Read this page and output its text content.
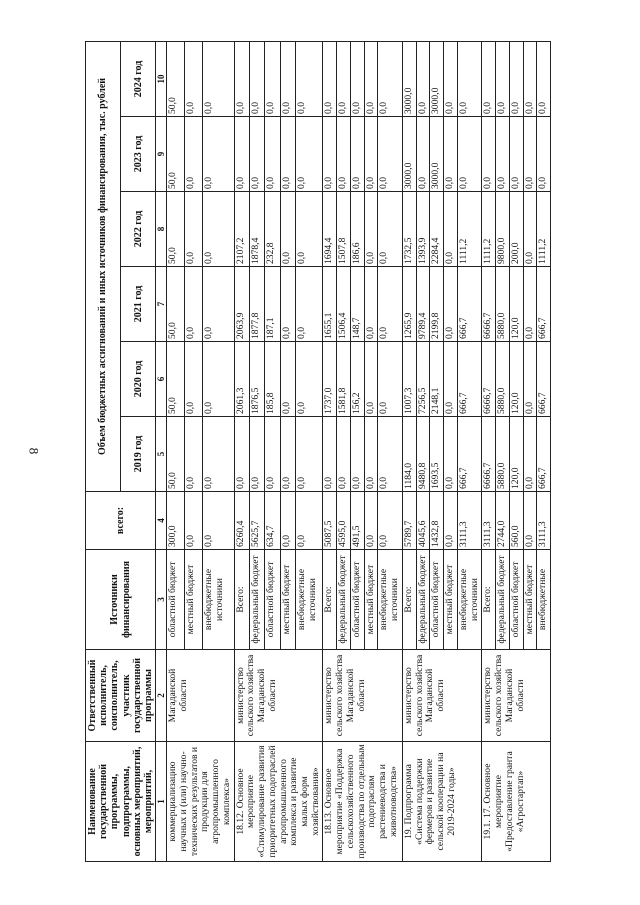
8
Наименование государственной программы, подпрограммы, основных мероприятий, мероприятий,	Ответственный исполнитель, соисполнитель, участник государственной программы	Источники финансирования	всего:	Объем бюджетных ассигнований и иных источников финансирования, тыс. рублей					
				2019 год	2020 год	2021 год	2022 год	2023 год	2024 год
1	2	3	4	5	6	7	8	9	10
коммерциализацию научных и (или) научно-технических результатов и продукции для агропромышленного комплекса»	Магаданской области	областной бюджет	300,0	50,0	50,0	50,0	50,0	50,0	50,0
		местный бюджет	0,0	0,0	0,0	0,0	0,0	0,0	0,0
		внебюджетные источники	0,0	0,0	0,0	0,0	0,0	0,0	0,0
18.12. Основное мероприятие «Стимулирование развития приоритетных подотраслей агропромышленного комплекса и развитие малых форм хозяйствования»	министерство сельского хозяйства Магаданской области	Всего:	6260,4	0,0	2061,3	2063,9	2107,2	0,0	0,0
		федеральный бюджет	5625,7	0,0	1876,5	1877,8	1878,4	0,0	0,0
		областной бюджет	634,7	0,0	185,8	187,1	232,8	0,0	0,0
		местный бюджет	0,0	0,0	0,0	0,0	0,0	0,0	0,0
		внебюджетные источники	0,0	0,0	0,0	0,0	0,0	0,0	0,0
18.13. Основное мероприятие «Поддержка сельскохозяйственного производства по отдельным подотраслям растениеводства и животноводства»	министерство сельского хозяйства Магаданской области	Всего:	5087,5	0,0	1737,0	1655,1	1694,4	0,0	0,0
		федеральный бюджет	4595,0	0,0	1581,8	1506,4	1507,8	0,0	0,0
		областной бюджет	491,5	0,0	156,2	148,7	186,6	0,0	0,0
		местный бюджет	0,0	0,0	0,0	0,0	0,0	0,0	0,0
		внебюджетные источники	0,0	0,0	0,0	0,0	0,0	0,0	0,0
19. Подпрограмма «Система поддержки фермеров и развитие сельской кооперации на 2019-2024 годы»	министерство сельского хозяйства Магаданской области	Всего:	5789,7	1184,0	1007,3	1265,9	1732,5	3000,0	3000,0
		федеральный бюджет	4045,6	9480,8	7256,5	9789,4	1393,9	0,0	0,0
		областной бюджет	1432,8	1693,5	2148,1	2199,8	2284,4	3000,0	3000,0
		местный бюджет	0,0	0,0	0,0	0,0	0,0	0,0	0,0
		внебюджетные источники	3111,3	666,7	666,7	666,7	1111,2	0,0	0,0
19.1. 17. Основное мероприятие «Предоставление гранта «Агростартап»	министерство сельского хозяйства Магаданской области	Всего:	3111,3	6666,7	6666,7	6666,7	1111,2	0,0	0,0
		федеральный бюджет	2744,0	5880,0	5880,0	5880,0	9800,0	0,0	0,0
		областной бюджет	560,0	120,0	120,0	120,0	200,0	0,0	0,0
		местный бюджет	0,0	0,0	0,0	0,0	0,0	0,0	0,0
		внебюджетные	3111,3	666,7	666,7	666,7	1111,2	0,0	0,0
